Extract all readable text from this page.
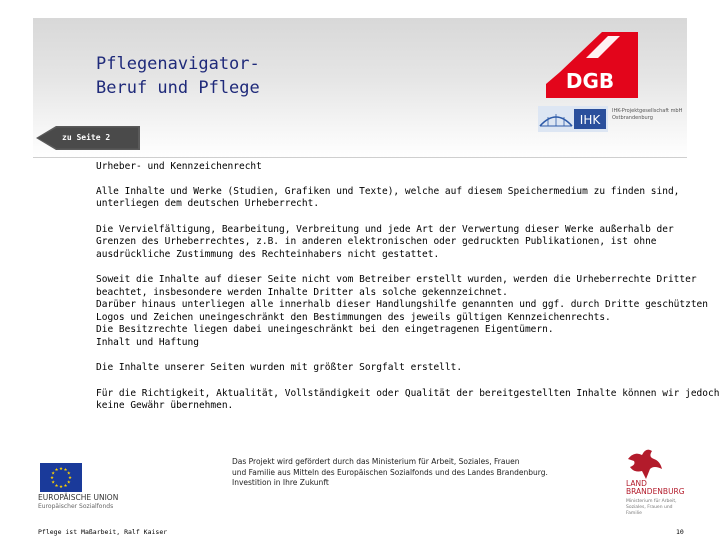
Pflegenavigator-
Beruf und Pflege	DGB
IHK
IHK-Projektgesellschaft mbH Ostbrandenburg
zu Seite 2

Urheber- und Kennzeichenrecht

Alle Inhalte und Werke (Studien, Grafiken und Texte), welche auf diesem Speichermedium zu finden sind,
unterliegen dem deutschen Urheberrecht.

Die Vervielfältigung, Bearbeitung, Verbreitung und jede Art der Verwertung dieser Werke außerhalb der
Grenzen des Urheberrechtes, z.B. in anderen elektronischen oder gedruckten Publikationen, ist ohne
ausdrückliche Zustimmung des Rechteinhabers nicht gestattet.

Soweit die Inhalte auf dieser Seite nicht vom Betreiber erstellt wurden, werden die Urheberrechte Dritter
beachtet, insbesondere werden Inhalte Dritter als solche gekennzeichnet.
Darüber hinaus unterliegen alle innerhalb dieser Handlungshilfe genannten und ggf. durch Dritte geschützten
Logos und Zeichen uneingeschränkt den Bestimmungen des jeweils gültigen Kennzeichenrechts.
Die Besitzrechte liegen dabei uneingeschränkt bei den eingetragenen Eigentümern.
Inhalt und Haftung

Die Inhalte unserer Seiten wurden mit größter Sorgfalt erstellt.

Für die Richtigkeit, Aktualität, Vollständigkeit oder Qualität der bereitgestellten Inhalte können wir jedoch
keine Gewähr übernehmen.

★ ★
★
★
★
★
★
★
★
★
★
★
EUROPÄISCHE UNION
Europäischer Sozialfonds
Das Projekt wird gefördert durch das Ministerium für Arbeit, Soziales, Frauen
und Familie aus Mitteln des Europäischen Sozialfonds und des Landes Brandenburg.
Investition in Ihre Zukunft	LAND
BRANDENBURG
Ministerium für Arbeit, Soziales, Frauen und Familie
Pflege ist Maßarbeit, Ralf Kaiser	10
